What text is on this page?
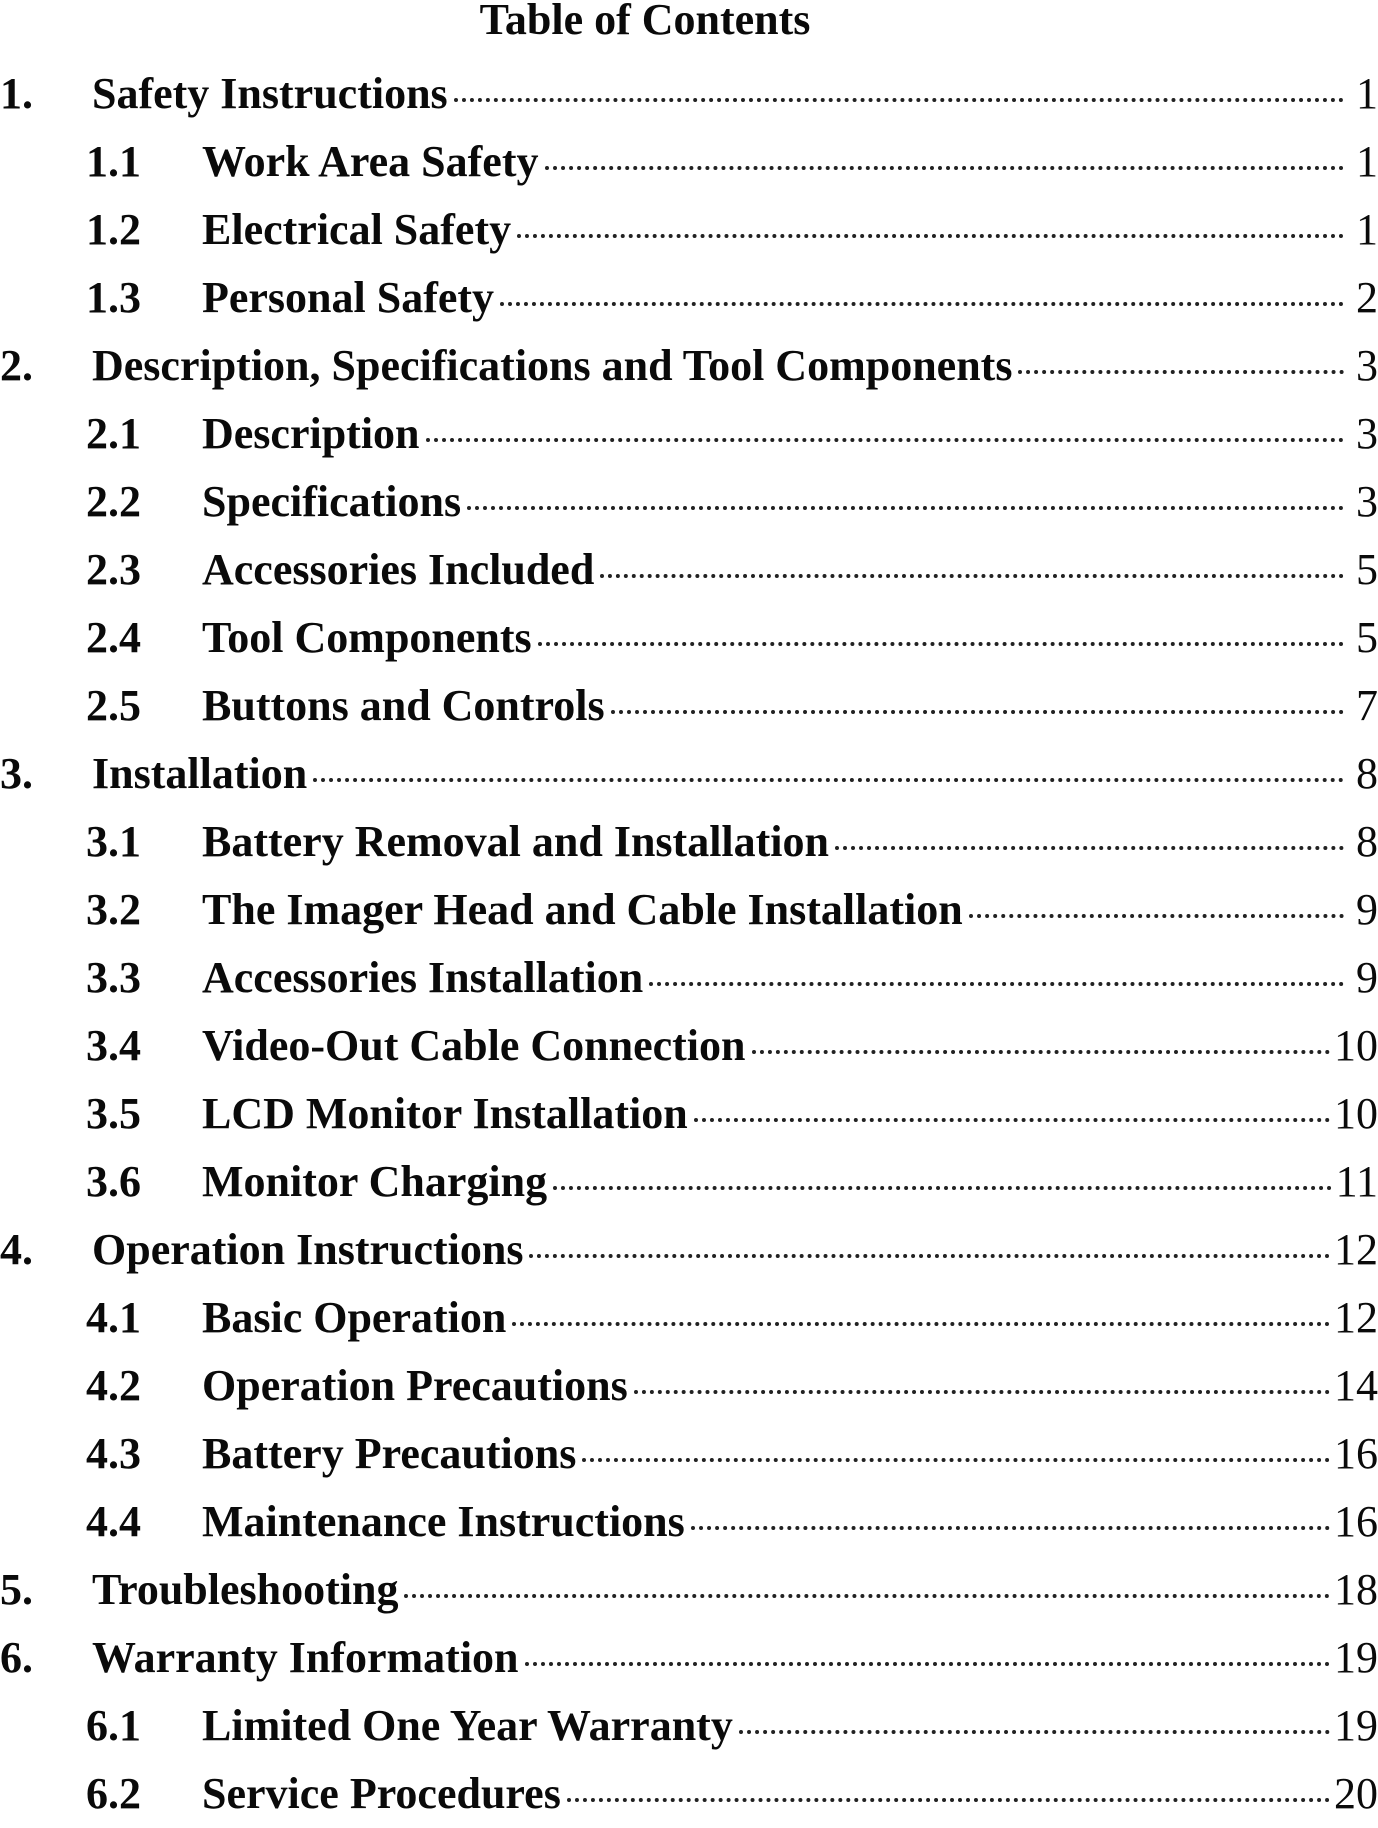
Table of Contents
1.	Safety Instructions	1
1.1	Work Area Safety	1
1.2	Electrical Safety	1
1.3	Personal Safety	2
2.	Description, Specifications and Tool Components	3
2.1	Description	3
2.2	Specifications	3
2.3	Accessories Included	5
2.4	Tool Components	5
2.5	Buttons and Controls	7
3.	Installation	8
3.1	Battery Removal and Installation	8
3.2	The Imager Head and Cable Installation	9
3.3	Accessories Installation	9
3.4	Video-Out Cable Connection	10
3.5	LCD Monitor Installation	10
3.6	Monitor Charging	11
4.	Operation Instructions	12
4.1	Basic Operation	12
4.2	Operation Precautions	14
4.3	Battery Precautions	16
4.4	Maintenance Instructions	16
5.	Troubleshooting	18
6.	Warranty Information	19
6.1	Limited One Year Warranty	19
6.2	Service Procedures	20
